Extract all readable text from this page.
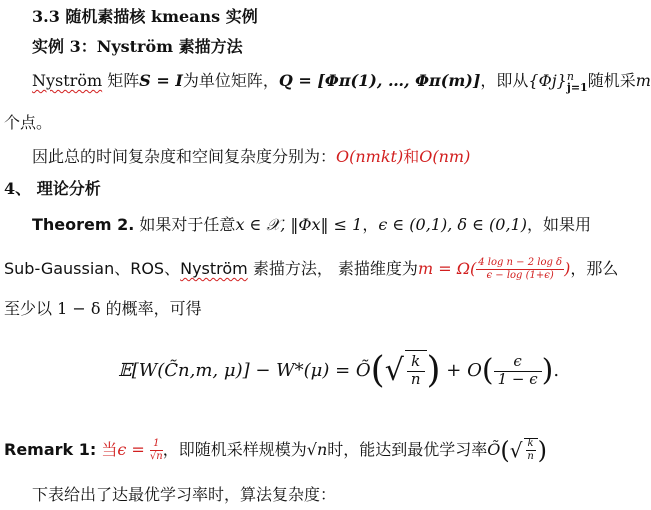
3.3 随机素描核 kmeans 实例
实例 3：Nyström 素描方法
Nyström 矩阵S = I为单位矩阵，Q = [Φπ(1), …, Φπ(m)]，即从{Φj} n
j=1 随机采m
个点。
因此总的时间复杂度和空间复杂度分别为：O(nmkt)和O(nm)
4、 理论分析
Theorem 2. 如果对于任意x ∈ 𝒳, ‖Φx‖ ≤ 1，ϵ ∈ (0,1), δ ∈ (0,1)，如果用
Sub-Gaussian、ROS、Nyström 素描方法， 素描维度为$m = \Omega( \frac{\text{4 log n − 2 log δ}}{\epsilon - \log (1+\epsilon)}$ )，那么
至少以 1 − δ 的概率，可得
𝔼[W(C̃n,m, μ)] − W*(μ) = Õ(√ $\frac{k}{n}$ ) + $O( \frac{\epsilon}{1 - \epsilon}$ ).
Remark 1: 当$\epsilon = \frac{1}{√n}$ ，即随机采样规模为√n时，能达到最优学习率Õ(√ $\frac{k}{n}$ )
下表给出了达最优学习率时，算法复杂度：
